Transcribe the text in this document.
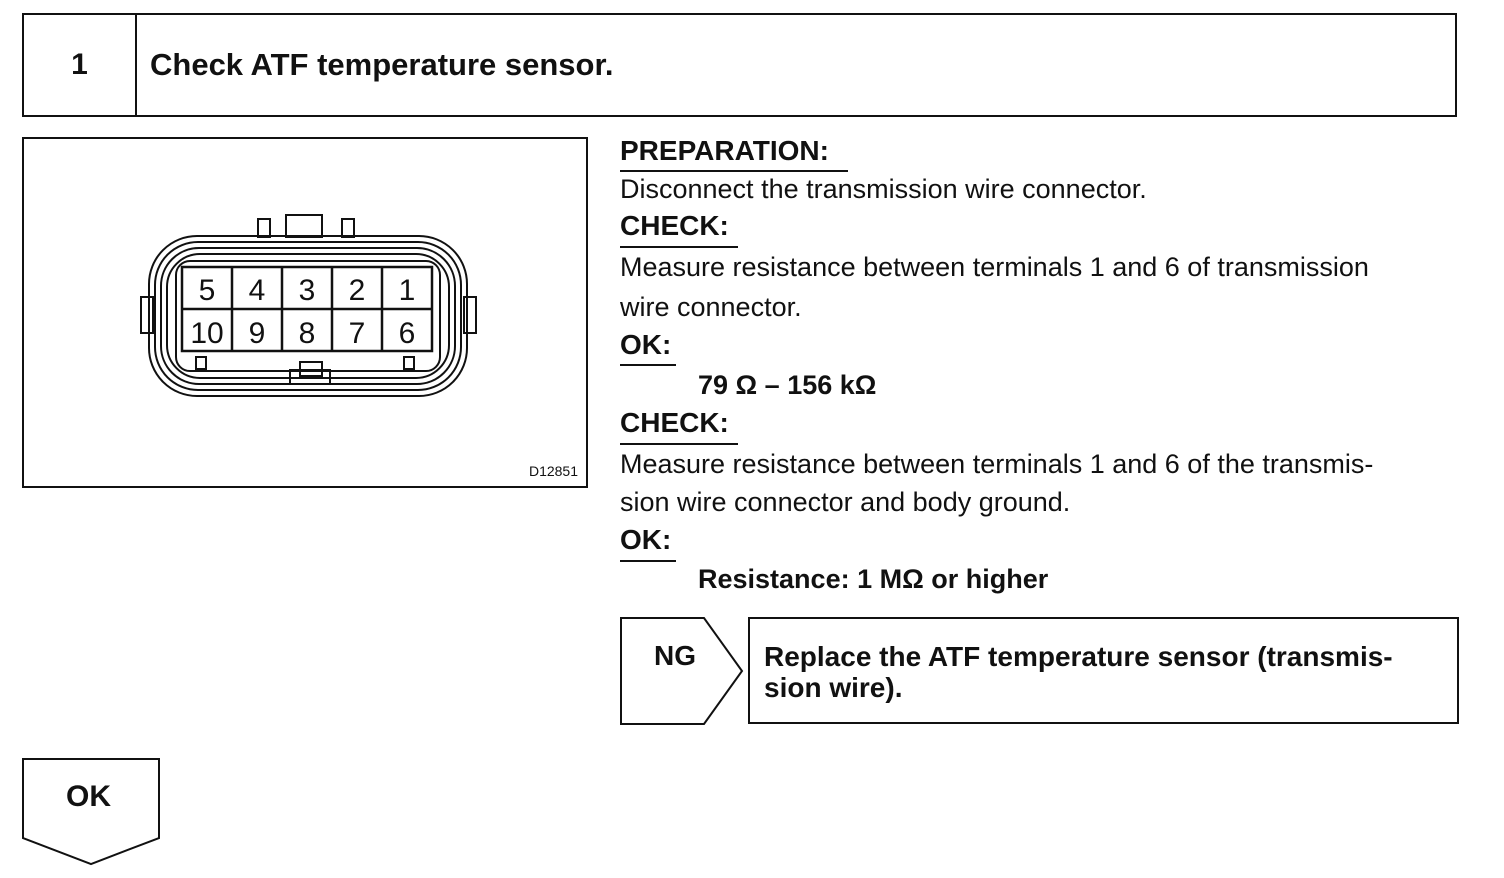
1	Check ATF temperature sensor.
5 4 3 2 1
10 9 8 7 6
D12851
PREPARATION:
Disconnect the transmission wire connector.
CHECK:
Measure resistance between terminals 1 and 6 of transmission
wire connector.
OK:
79 Ω – 156 kΩ
CHECK:
Measure resistance between terminals 1 and 6 of the transmis-
sion wire connector and body ground.
OK:
Resistance: 1 MΩ or higher
NG Replace the ATF temperature sensor (transmis- sion wire).
OK
